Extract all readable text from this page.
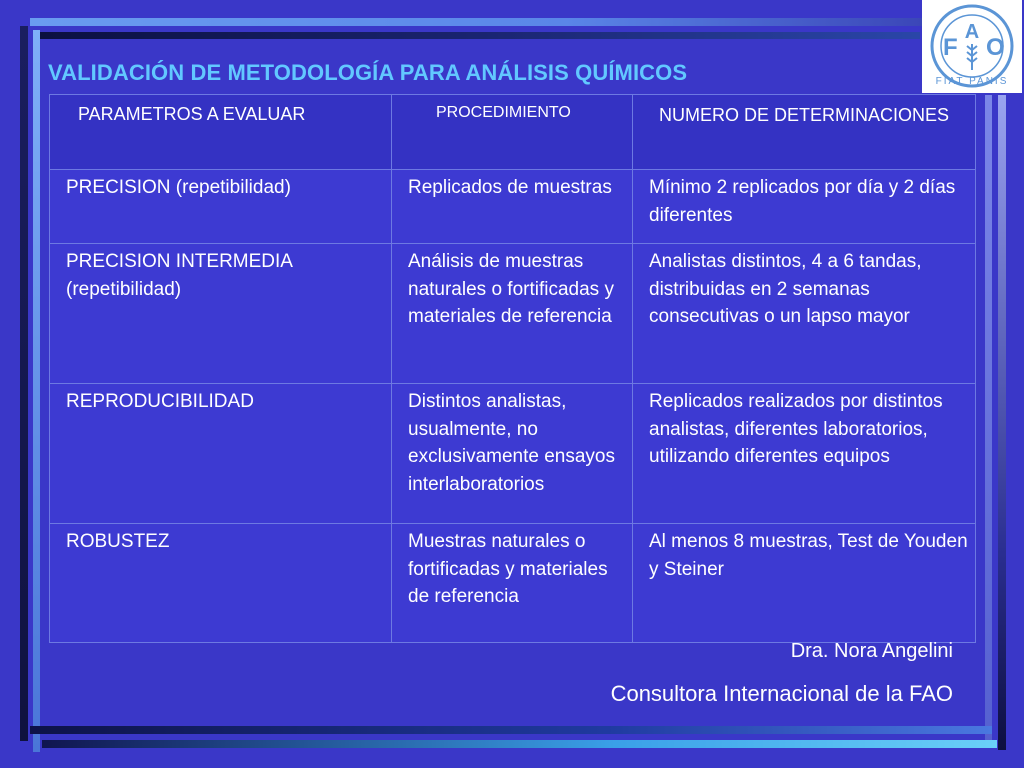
F
A
O
FIAT PANIS
VALIDACIÓN DE METODOLOGÍA PARA ANÁLISIS QUÍMICOS
PARAMETROS A EVALUAR	PROCEDIMIENTO	NUMERO DE DETERMINACIONES
PRECISION (repetibilidad)	Replicados de muestras	Mínimo 2 replicados por día y 2 días diferentes
PRECISION INTERMEDIA (repetibilidad)	Análisis de muestras naturales o fortificadas y materiales de referencia	Analistas distintos, 4 a 6 tandas, distribuidas en 2 semanas consecutivas o un lapso mayor
REPRODUCIBILIDAD	Distintos analistas, usualmente, no exclusivamente ensayos interlaboratorios	Replicados realizados por distintos analistas, diferentes laboratorios, utilizando diferentes equipos
ROBUSTEZ	Muestras naturales o fortificadas y materiales de referencia	Al menos 8 muestras, Test de Youden y Steiner
Dra. Nora Angelini
Consultora Internacional de la FAO
